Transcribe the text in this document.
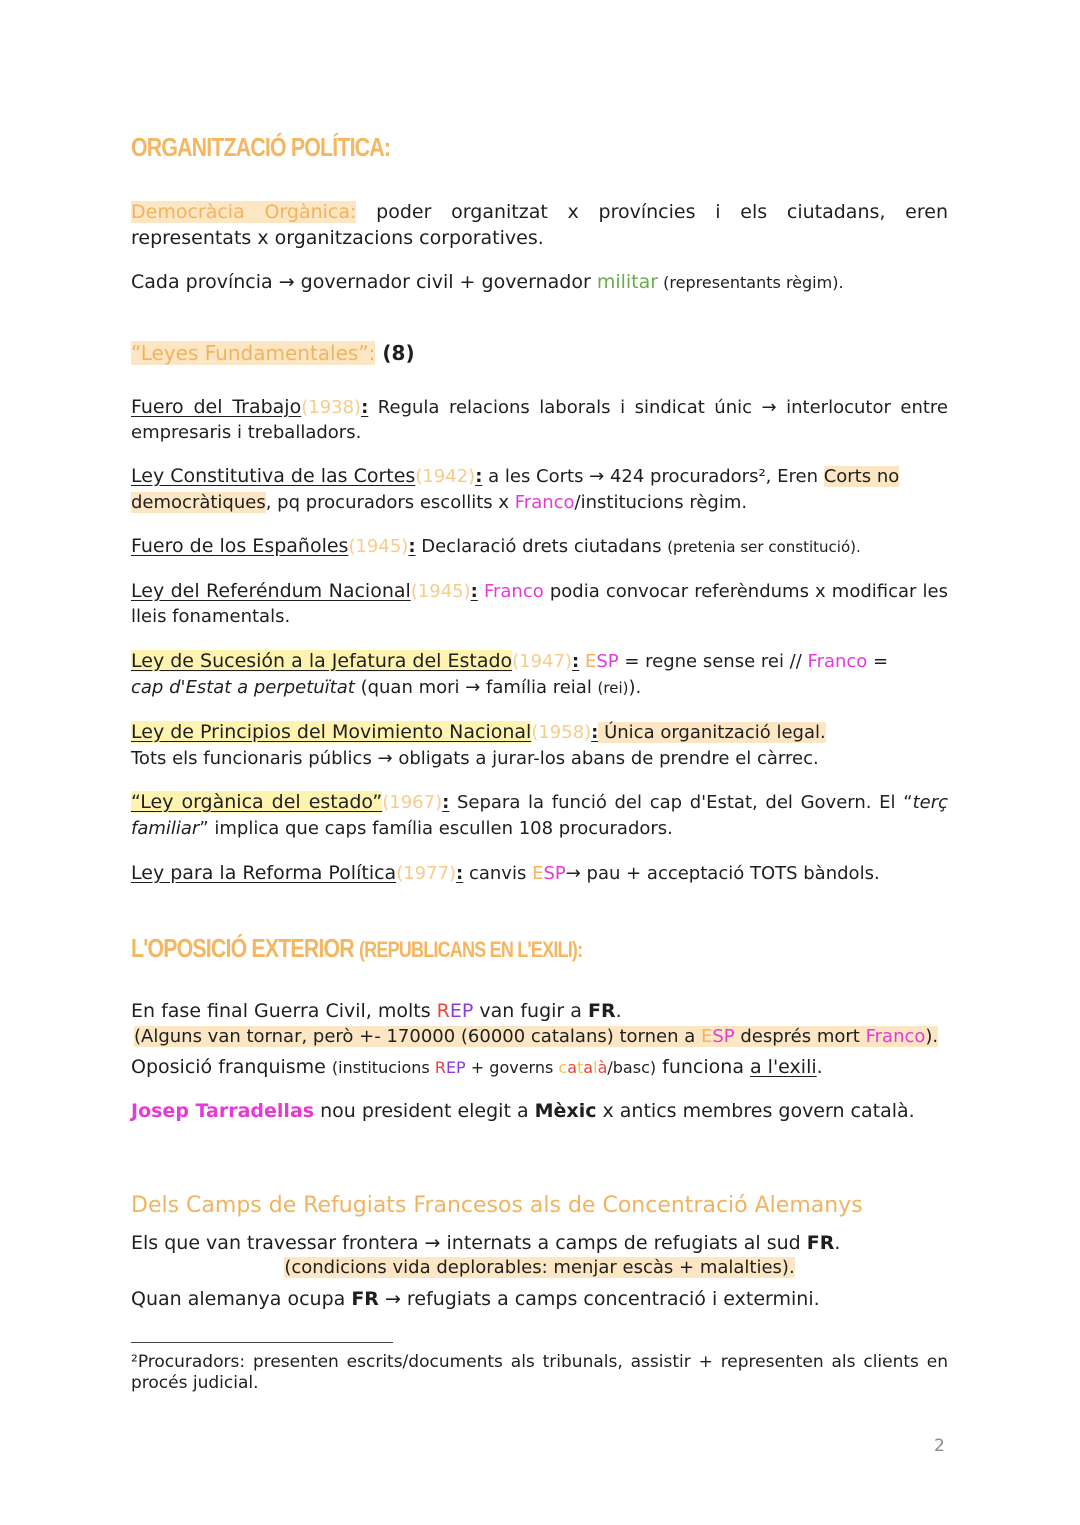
ORGANITZACIÓ POLÍTICA:
Democràcia Orgànica: poder organitzat x províncies i els ciutadans, eren representats x organitzacions corporatives.
Cada província → governador civil + governador militar (representants règim).
“Leyes Fundamentales”: (8)
Fuero del Trabajo(1938): Regula relacions laborals i sindicat únic → interlocutor entre empresaris i treballadors.
Ley Constitutiva de las Cortes(1942): a les Corts → 424 procuradors², Eren Corts no democràtiques, pq procuradors escollits x Franco/institucions règim.
Fuero de los Españoles(1945): Declaració drets ciutadans (pretenia ser constitució).
Ley del Referéndum Nacional(1945): Franco podia convocar referèndums x modificar les lleis fonamentals.
Ley de Sucesión a la Jefatura del Estado(1947): ESP = regne sense rei // Franco =
cap d'Estat a perpetuïtat (quan mori → família reial (rei)).
Ley de Principios del Movimiento Nacional(1958): Única organització legal.
Tots els funcionaris públics → obligats a jurar-los abans de prendre el càrrec.
“Ley orgànica del estado”(1967): Separa la funció del cap d'Estat, del Govern. El “terç familiar” implica que caps família escullen 108 procuradors.
Ley para la Reforma Política(1977): canvis ESP→ pau + acceptació TOTS bàndols.
L'OPOSICIÓ EXTERIOR (REPUBLICANS EN L'EXILI):
En fase final Guerra Civil, molts REP van fugir a FR.
(Alguns van tornar, però +- 170000 (60000 catalans) tornen a ESP després mort Franco).
Oposició franquisme (institucions REP + governs català/basc) funciona a l'exili.
Josep Tarradellas nou president elegit a Mèxic x antics membres govern català.
Dels Camps de Refugiats Francesos als de Concentració Alemanys
Els que van travessar frontera → internats a camps de refugiats al sud FR.
(condicions vida deplorables: menjar escàs + malalties).
Quan alemanya ocupa FR → refugiats a camps concentració i extermini.
²Procuradors: presenten escrits/documents als tribunals, assistir + representen als clients en procés judicial.
2
